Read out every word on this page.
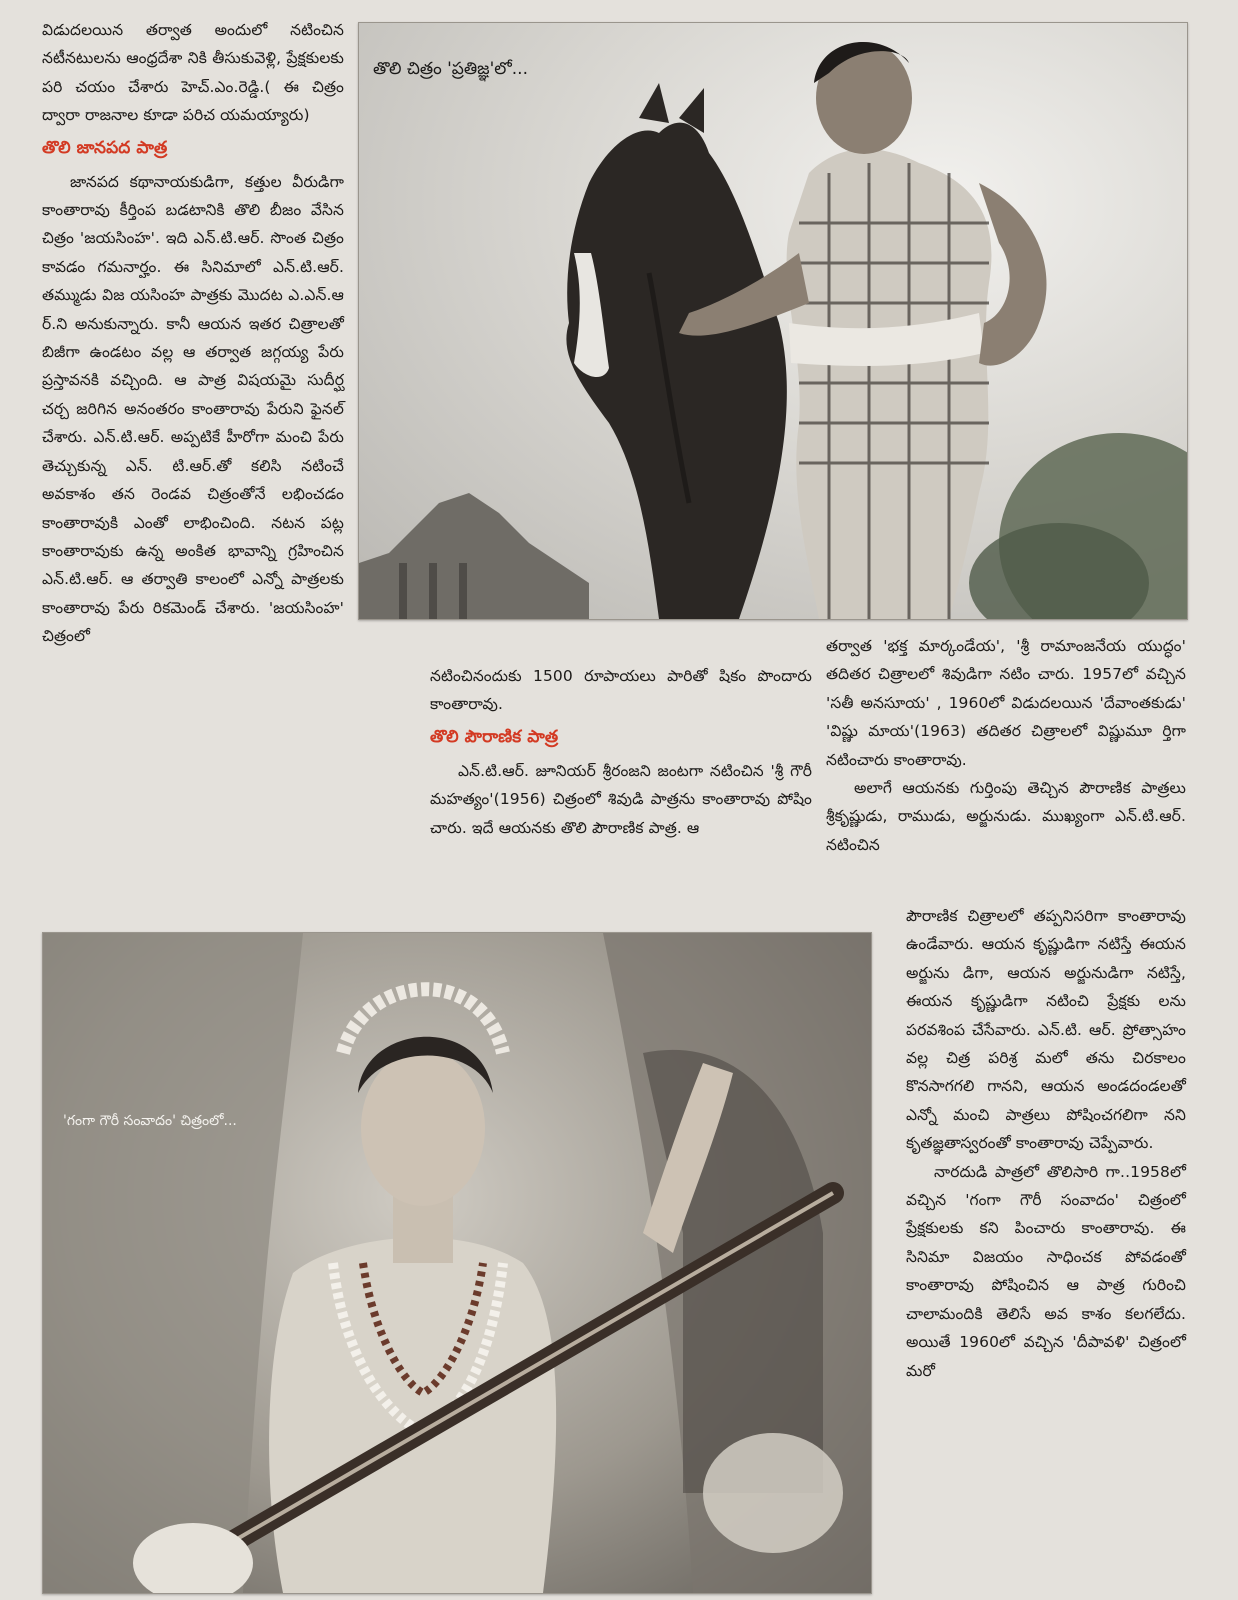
విడుదలయిన తర్వాత అందులో నటించిన నటీనటులను ఆంధ్రదేశా నికి తీసుకువెళ్లి, ప్రేక్షకులకు పరి చయం చేశారు హెచ్.ఎం.రెడ్డి.( ఈ చిత్రం ద్వారా రాజనాల కూడా పరిచ యమయ్యారు)

తొలి జానపద పాత్ర

జానపద కథానాయకుడిగా, కత్తుల వీరుడిగా కాంతారావు కీర్తింప బడటానికి తొలి బీజం వేసిన చిత్రం 'జయసింహ'. ఇది ఎన్.టి.ఆర్. సొంత చిత్రం కావడం గమనార్హం. ఈ సినిమాలో ఎన్.టి.ఆర్. తమ్ముడు విజ యసింహ పాత్రకు మొదట ఎ.ఎన్.ఆ ర్.ని అనుకున్నారు. కానీ ఆయన ఇతర చిత్రాలతో బిజీగా ఉండటం వల్ల ఆ తర్వాత జగ్గయ్య పేరు ప్రస్తావనకి వచ్చింది. ఆ పాత్ర విషయమై సుదీర్ఘ చర్చ జరిగిన అనంతరం కాంతారావు పేరుని ఫైనల్ చేశారు. ఎన్.టి.ఆర్. అప్పటికే హీరోగా మంచి పేరు తెచ్చుకున్న ఎన్. టి.ఆర్.తో కలిసి నటించే అవకాశం తన రెండవ చిత్రంతోనే లభించడం కాంతారావుకి ఎంతో లాభించింది. నటన పట్ల కాంతారావుకు ఉన్న అంకిత భావాన్ని గ్రహించిన ఎన్.టి.ఆర్. ఆ తర్వాతి కాలంలో ఎన్నో పాత్రలకు కాంతారావు పేరు రికమెండ్ చేశారు. 'జయసింహ' చిత్రంలో

తొలి చిత్రం 'ప్రతిజ్ఞ'లో...

నటించినందుకు 1500 రూపాయలు పారితో షికం పొందారు కాంతారావు.

తొలి పౌరాణిక పాత్ర

ఎన్.టి.ఆర్. జూనియర్ శ్రీరంజని జంటగా నటించిన 'శ్రీ గౌరీ మహత్యం'(1956) చిత్రంలో శివుడి పాత్రను కాంతారావు పోషిం చారు. ఇదే ఆయనకు తొలి పౌరాణిక పాత్ర. ఆ

తర్వాత 'భక్త మార్కండేయ', 'శ్రీ రామాంజనేయ యుద్ధం' తదితర చిత్రాలలో శివుడిగా నటిం చారు. 1957లో వచ్చిన 'సతీ అనసూయ' , 1960లో విడుదలయిన 'దేవాంతకుడు' 'విష్ణు మాయ'(1963) తదితర చిత్రాలలో విష్ణుమూ ర్తిగా నటించారు కాంతారావు.

అలాగే ఆయనకు గుర్తింపు తెచ్చిన పౌరాణిక పాత్రలు శ్రీకృష్ణుడు, రాముడు, అర్జునుడు. ముఖ్యంగా ఎన్.టి.ఆర్. నటించిన

పౌరాణిక చిత్రాలలో తప్పనిసరిగా కాంతారావు ఉండేవారు. ఆయన కృష్ణుడిగా నటిస్తే ఈయన అర్జును డిగా, ఆయన అర్జునుడిగా నటిస్తే, ఈయన కృష్ణుడిగా నటించి ప్రేక్షకు లను పరవశింప చేసేవారు. ఎన్.టి. ఆర్. ప్రోత్సాహం వల్ల చిత్ర పరిశ్ర మలో తను చిరకాలం కొనసాగగలి గానని, ఆయన అండదండలతో ఎన్నో మంచి పాత్రలు పోషించగలిగా నని కృతజ్ఞతాస్వరంతో కాంతారావు చెప్పేవారు.

నారదుడి పాత్రలో తొలిసారి గా..1958లో వచ్చిన 'గంగా గౌరీ సంవాదం' చిత్రంలో ప్రేక్షకులకు కని పించారు కాంతారావు. ఈ సినిమా విజయం సాధించక పోవడంతో కాంతారావు పోషించిన ఆ పాత్ర గురించి చాలామందికి తెలిసే అవ కాశం కలగలేదు. అయితే 1960లో వచ్చిన 'దీపావళి' చిత్రంలో మరో

'గంగా గౌరీ సంవాదం' చిత్రంలో...
